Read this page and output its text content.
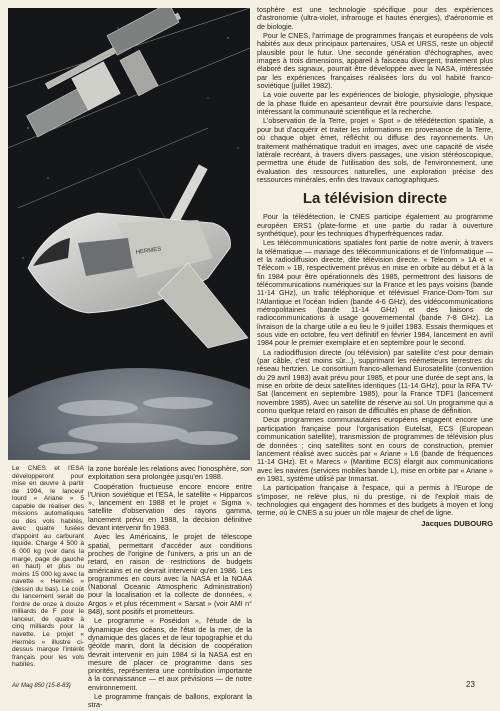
HERMES

Le CNES et l'ESA développeront pour mise en œuvre à partir de 1994, le lanceur lourd « Ariane » 5 capable de réaliser des missions automatiques ou des vols habités, avec quatre fusées d'appoint au carburant liquide. Charge 4 500 à 6 000 kg (voir dans la marge, page de gauche en haut) et plus ou moins 15 000 kg avec la navette « Hermès » (dessin du bas). Le coût du lancement serait de l'ordre de onze à douze milliards de F pour le lanceur, de quatre à cinq milliards pour la navette. Le projet « Hermès » illustre ci-dessus marque l'intérêt français pour les vols habités.

la zone boréale les relations avec l'ionosphère, son exploitation sera prolongée jusqu'en 1988.

Coopération fructueuse encore encore entre l'Union soviétique et l'ESA, le satellite « Hipparcos », lancement en 1988 et le projet « Sigma », satellite d'observation des rayons gamma, lancement prévu en 1988, la décision définitive devant intervenir fin 1983.

Avec les Américains, le projet de télescope spatial, permettant d'accéder aux conditions proches de l'origine de l'univers, a pris un an de retard, en raison de restrictions de budgets américains et ne devrait intervenir qu'en 1986. Les programmes en cours avec la NASA et la NOAA (National Oceanic Atmospheric Administration) pour la localisation et la collecte de données, « Argos » et plus récemment « Sarsat » (voir AMI n° 848), sont positifs et prometteurs.

Le programme « Poséidon », l'étude de la dynamique des océans, de l'état de la mer, de la dynamique des glaces et de leur topographie et du géoïde marin, dont la décision de coopération devrait intervenir en juin 1984 si la NASA est en mesure de placer ce programme dans ses priorités, représentera une contribution importante à la connaissance — et aux prévisions — de notre environnement.

Le programme français de ballons, explorant la stra-

tosphère est une technologie spécifique pour des expériences d'astronomie (ultra-violet, infrarouge et hautes énergies), d'aéronomie et de biologie.

Pour le CNES, l'arrimage de programmes français et européens de vols habités aux deux principaux partenaires, USA et URSS, reste un objectif plausible pour le futur. Une seconde génération d'échographes, avec images à trois dimensions, appareil à faisceau divergent, traitement plus élaboré des signaux, pourrait être développée avec la NASA, intéressée par les expériences françaises réalisées lors du vol habité franco-soviétique (juillet 1982).

La voie ouverte par les expériences de biologie, physiologie, physique de la phase fluide en apesanteur devrait être poursuivie dans l'espace, intéressant la communauté scientifique et la recherche.

L'observation de la Terre, projet « Spot » de télédétection spatiale, a pour but d'acquérir et traiter les informations en provenance de la Terre, où chaque objet émet, réfléchit ou diffuse des rayonnements. Un traitement mathématique traduit en images, avec une capacité de visée latérale recréant, à travers divers passages, une vision stéréoscopique, permettra une étude de l'utilisation des sols, de l'environnement, une évaluation des ressources naturelles, une exploration précise des ressources minérales, enfin des travaux cartographiques.

La télévision directe

Pour la télédétection, le CNES participe également au programme européen ERS1 (plate-forme et une partie du radar à ouverture synthétique), pour les techniques d'hyperfréquences radar.

Les télécommunications spatiales font partie de notre avenir, à travers la télématique — mariage des télécommunications et de l'informatique — et la radiodiffusion directe, dite télévision directe. « Telecom » 1A et « Télécom » 1B, respectivement prévus en mise en orbite au début et à la fin 1984 pour être opérationnels dès 1985, permettront des liaisons de télécommunications numériques sur la France et les pays voisins (bande 11-14 GHz), un trafic téléphonique et télévisuel France-Dom-Tom sur l'Atlantique et l'océan Indien (bande 4-6 GHz), des vidéocommunications métropolitaines (bande 11-14 GHz) et des liaisons de radiocommunications à usage gouvernemental (bande 7-8 GHz). La livraison de la charge utile a eu lieu le 9 juillet 1983. Essais thermiques et sous vide en octobre, feu vert définitif en février 1984, lancement en avril 1984 pour le premier exemplaire et en septembre pour le second.

La radiodiffusion directe (ou télévision) par satellite c'est pour demain (par câble, c'est moins sûr...), supprimant les réémetteurs terrestres du réseau hertzien. Le consortium franco-allemand Eurosatellite (convention du 29 avril 1983) avait prévu pour 1985, et pour une durée de sept ans, la mise en orbite de deux satellites identiques (11-14 GHz), pour la RFA TV-Sat (lancement en septembre 1985), pour la France TDF1 (lancement novembre 1985). Avec un satellite de réserve au sol. Un programme qui a connu quelque retard en raison de difficultés en phase de définition.

Deux programmes communautaires européens engagent encore une participation française pour l'organisation Eutelsat, ECS (European communication satellite), transmission de programmes de télévision plus de données ; cinq satellites sont en cours de construction, premier lancement réalisé avec succès par « Ariane » L6 (bande de fréquences 11-14 GHz). Et « Marecs » (Maritime ECS) élargit aux communications avec les navires (services mobiles bande L), mise en orbite par « Ariane » en 1981, système utilisé par Inmarsat.

La participation française à l'espace, qui a permis à l'Europe de s'imposer, ne relève plus, ni du prestige, ni de l'exploit mais de technologies qui engagent des hommes et des budgets à moyen et long terme, où le CNES a su jouer un rôle majeur de chef de ligne.

Jacques DUBOURG
Air Mag 850 (15-8-83)	23
